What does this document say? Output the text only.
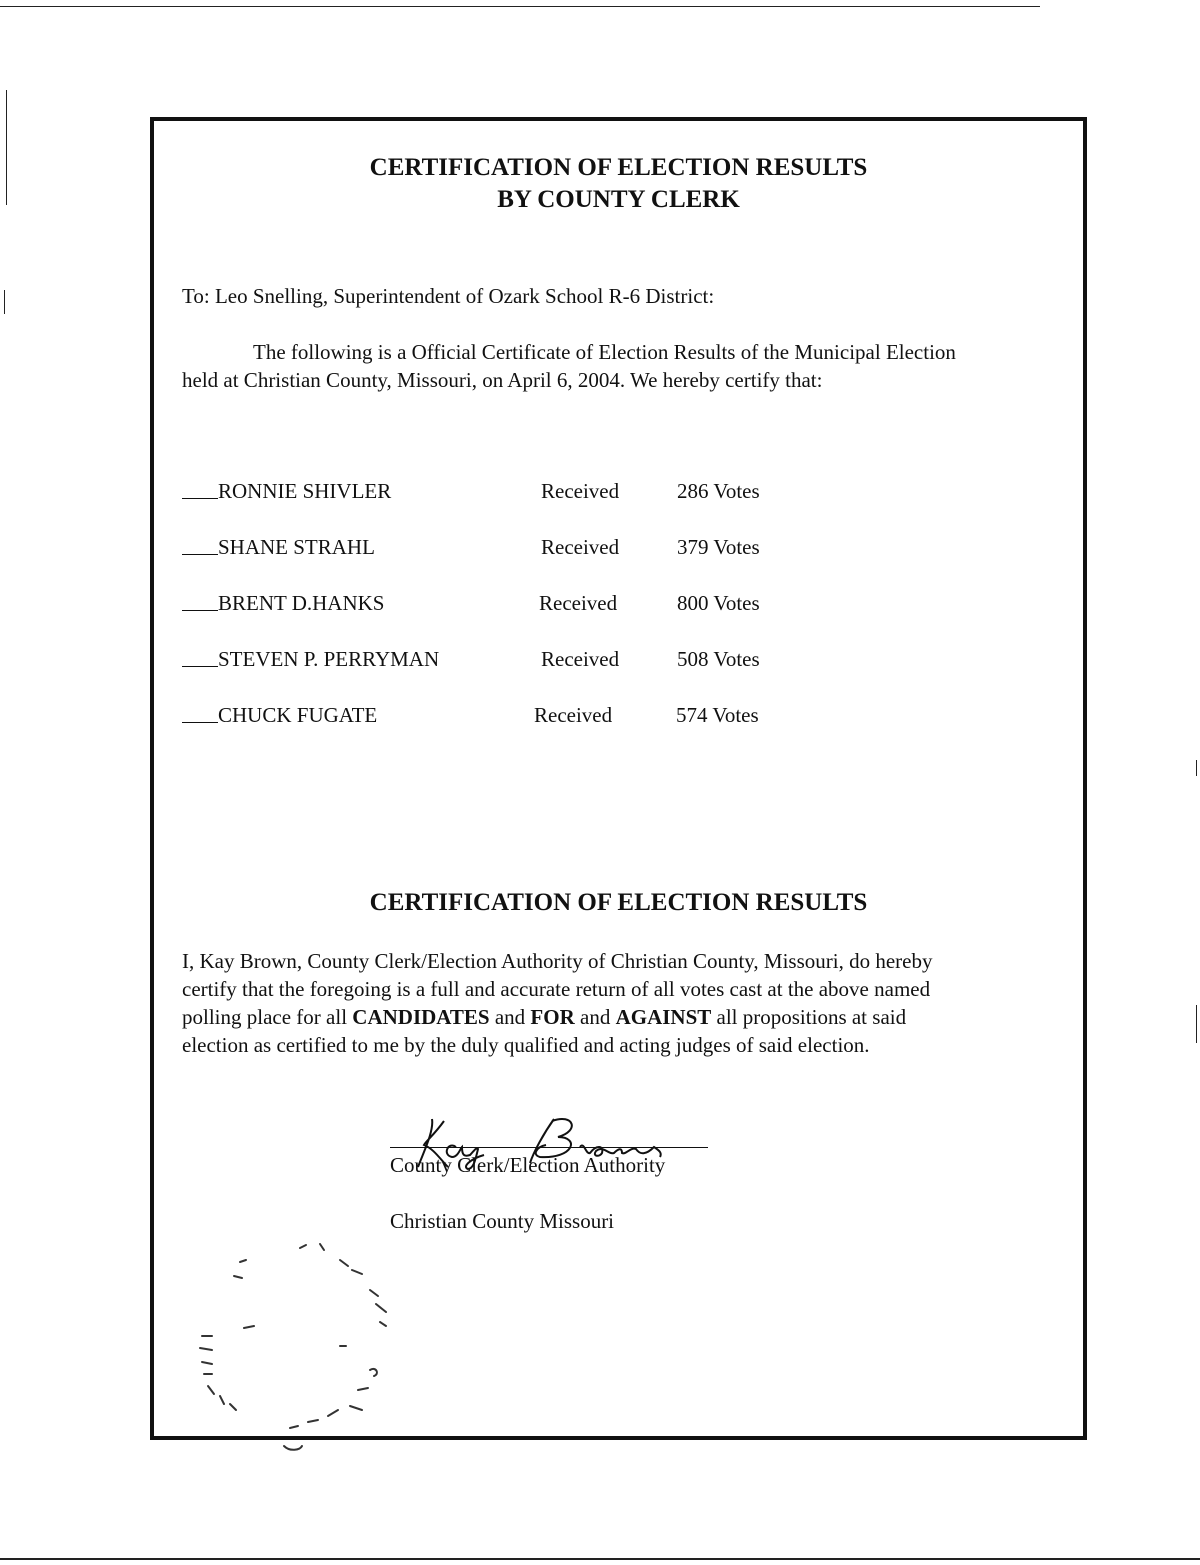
CERTIFICATION OF ELECTION RESULTS
BY COUNTY CLERK
To: Leo Snelling, Superintendent of Ozark School R-6 District:
The following is a Official Certificate of Election Results of the Municipal Election
held at Christian County, Missouri, on April 6, 2004. We hereby certify that:
RONNIE SHIVLER	Received	286 Votes
SHANE STRAHL	Received	379 Votes
BRENT D.HANKS	Received	800 Votes
STEVEN P. PERRYMAN	Received	508 Votes
CHUCK FUGATE	Received	574 Votes
CERTIFICATION OF ELECTION RESULTS
I, Kay Brown, County Clerk/Election Authority of Christian County, Missouri, do hereby
certify that the foregoing is a full and accurate return of all votes cast at the above named
polling place for all CANDIDATES and FOR and AGAINST all propositions at said
election as certified to me by the duly qualified and acting judges of said election.
County Clerk/Election Authority
Christian County Missouri
